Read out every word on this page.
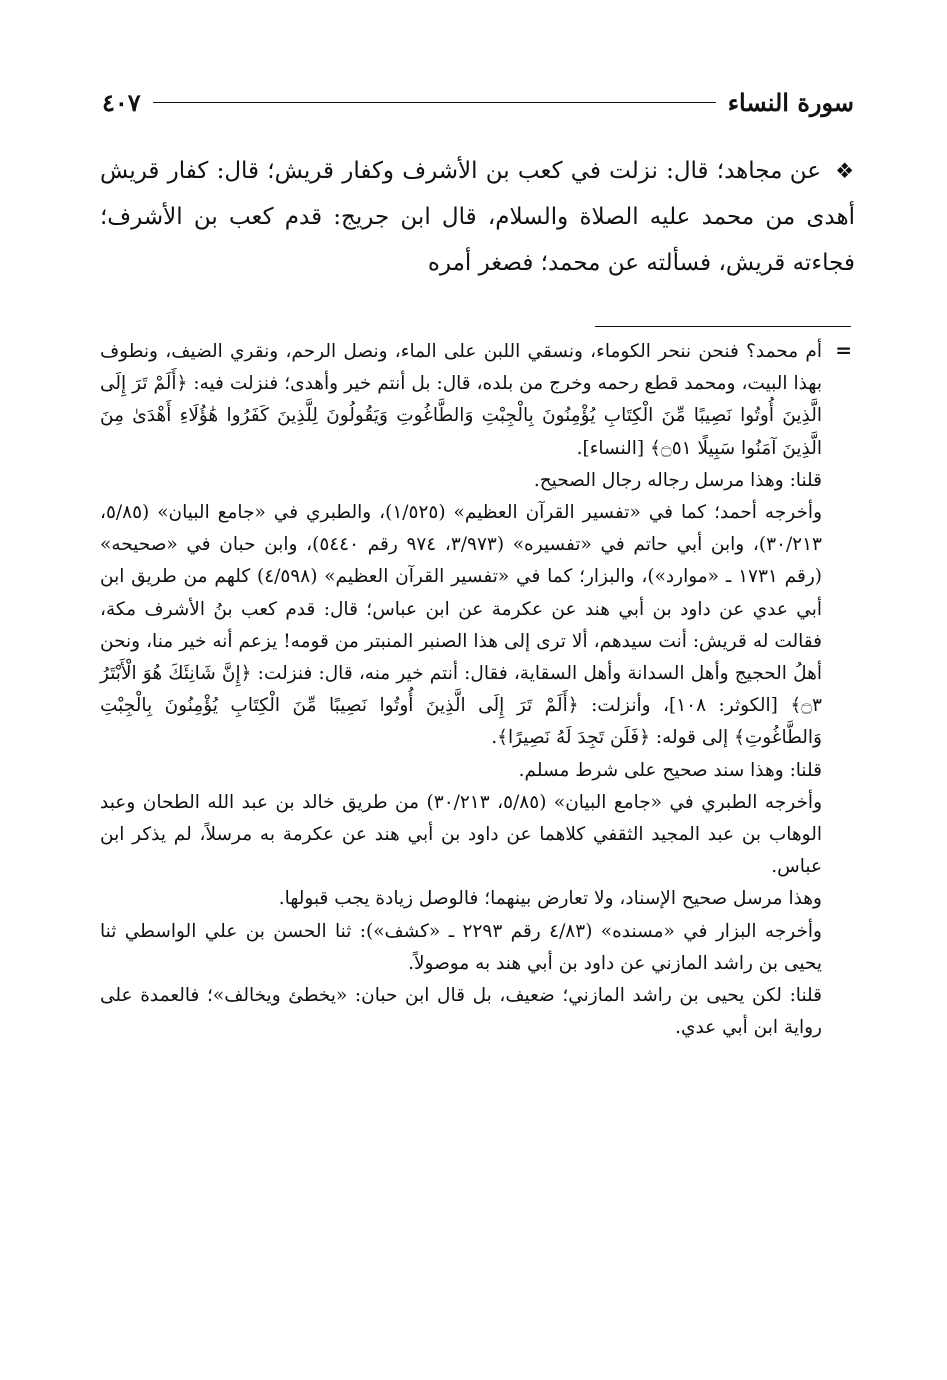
سورة النساء
٤٠٧

❖ عن مجاهد؛ قال: نزلت في كعب بن الأشرف وكفار قريش؛ قال: كفار قريش أهدى من محمد عليه الصلاة والسلام، قال ابن جريج: قدم كعب بن الأشرف؛ فجاءته قريش، فسألته عن محمد؛ فصغر أمره

=

أم محمد؟ فنحن ننحر الكوماء، ونسقي اللبن على الماء، ونصل الرحم، ونقري الضيف، ونطوف بهذا البيت، ومحمد قطع رحمه وخرج من بلده، قال: بل أنتم خير وأهدى؛ فنزلت فيه: ﴿أَلَمْ تَرَ إِلَى الَّذِينَ أُوتُوا نَصِيبًا مِّنَ الْكِتَابِ يُؤْمِنُونَ بِالْجِبْتِ وَالطَّاغُوتِ وَيَقُولُونَ لِلَّذِينَ كَفَرُوا هَٰؤُلَاءِ أَهْدَىٰ مِنَ الَّذِينَ آمَنُوا سَبِيلًا ۝٥١﴾ [النساء].

قلنا: وهذا مرسل رجاله رجال الصحيح.

وأخرجه أحمد؛ كما في «تفسير القرآن العظيم» (١/٥٢٥)، والطبري في «جامع البيان» (٥/٨٥، ٣٠/٢١٣)، وابن أبي حاتم في «تفسيره» (٣/٩٧٣، ٩٧٤ رقم ٥٤٤٠)، وابن حبان في «صحيحه» (رقم ١٧٣١ ـ «موارد»)، والبزار؛ كما في «تفسير القرآن العظيم» (٤/٥٩٨) كلهم من طريق ابن أبي عدي عن داود بن أبي هند عن عكرمة عن ابن عباس؛ قال: قدم كعب بنُ الأشرف مكة، فقالت له قريش: أنت سيدهم، ألا ترى إلى هذا الصنبر المنبتر من قومه! يزعم أنه خير منا، ونحن أهلُ الحجيج وأهل السدانة وأهل السقاية، فقال: أنتم خير منه، قال: فنزلت: ﴿إِنَّ شَانِئَكَ هُوَ الْأَبْتَرُ ۝٣﴾ [الكوثر: ١٠٨]، وأنزلت: ﴿أَلَمْ تَرَ إِلَى الَّذِينَ أُوتُوا نَصِيبًا مِّنَ الْكِتَابِ يُؤْمِنُونَ بِالْجِبْتِ وَالطَّاغُوتِ﴾ إلى قوله: ﴿فَلَن تَجِدَ لَهُ نَصِيرًا﴾.

قلنا: وهذا سند صحيح على شرط مسلم.

وأخرجه الطبري في «جامع البيان» (٥/٨٥، ٣٠/٢١٣) من طريق خالد بن عبد الله الطحان وعبد الوهاب بن عبد المجيد الثقفي كلاهما عن داود بن أبي هند عن عكرمة به مرسلاً، لم يذكر ابن عباس.

وهذا مرسل صحيح الإسناد، ولا تعارض بينهما؛ فالوصل زيادة يجب قبولها.

وأخرجه البزار في «مسنده» (٤/٨٣ رقم ٢٢٩٣ ـ «كشف»): ثنا الحسن بن علي الواسطي ثنا يحيى بن راشد المازني عن داود بن أبي هند به موصولاً.

قلنا: لكن يحيى بن راشد المازني؛ ضعيف، بل قال ابن حبان: «يخطئ ويخالف»؛ فالعمدة على رواية ابن أبي عدي.
